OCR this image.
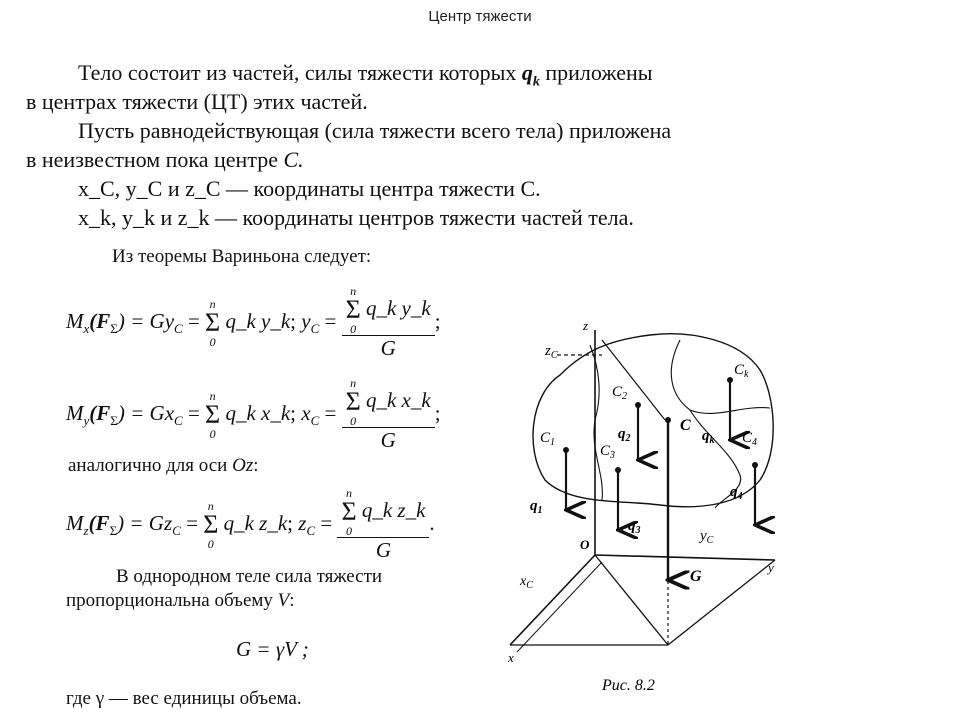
Центр тяжести
Тело состоит из частей, силы тяжести которых $q_k$ приложены
в центрах тяжести (ЦТ) этих частей.
Пусть равнодействующая (сила тяжести всего тела) приложена
в неизвестном пока центре C.
x_C, y_C и z_C — координаты центра тяжести C.
x_k, y_k и z_k — координаты центров тяжести частей тела.
Из теоремы Вариньона следует:
$M_x(F_\Sigma) = Gy_C$ =
n
Σ
0
q_k y_k; $y_C = n$
Σ
0
q_k y_k
G ;
$M_y(F_\Sigma) = Gx_C$ =
n
Σ
0
q_k x_k; $x_C = n$
Σ
0
q_k x_k
G ;
аналогично для оси Oz:
$M_z(F_\Sigma) = Gz_C$ =
n
Σ
0
q_k z_k; $z_C = n$
Σ
0
q_k z_k
G .
В однородном теле сила тяжести
пропорциональна объему V:
G = γV ;
где γ — вес единицы объема.
z
$z_C$
y
x
$x_C$
$y_C$
O
C
$C_k$
$C_1$
$C_2$
$C_3$
$C_4$
$q_1$
$q_2$
$q_3$
$q_4$
$q_k$
G
Рис. 8.2
